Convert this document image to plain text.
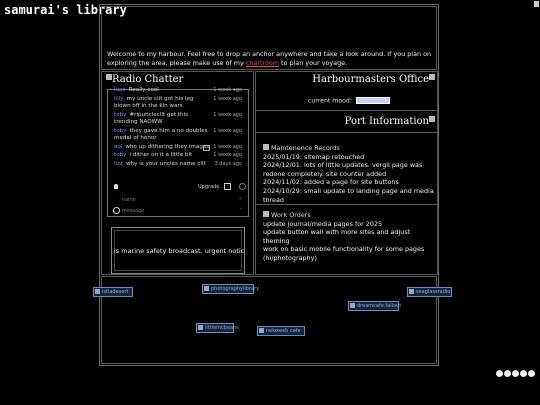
samurai's library

Welcome to my harbour. Feel free to drop an anchor anywhere and take a look around. If you plan on exploring the area, please make use of my chartroom to plan your voyage.

Radio Chatter
luxe Really cool	1 week ago
lilly my uncle clit got his leg blown off in the kin wars
1 week ago
toby #ripunclecllt get this trending NAOWW
1 week ago
toby they gave him a no doubles medal of honor
1 week ago
aol who up dithering they images 1 week ago
toby i dither on it a little bit	1 week ago
lizz why is your uncles name clit 3 days ago
Upgrade
name
«
message
˅
is marine safety broadcast. urgent notic
Harbourmasters Office
current mood:
Port Information
Maintenence Records

2025/01/19: sitemap retouched

2024/12/01: lots of little updates. vergil page was redone completely. site counter added

2024/11/02: added a page for site buttons

2024/10/29: small update to landing page and media thread

Work Orders

update journal/media pages for 2025

update button wall with more sites and adjust theming

work on basic mobile functionality for some pages (hi/photography)

isitadesert	photographylibrary
dreamcafe.fallout
seaglassradio
littlemcbeans	nekoweb cafe
